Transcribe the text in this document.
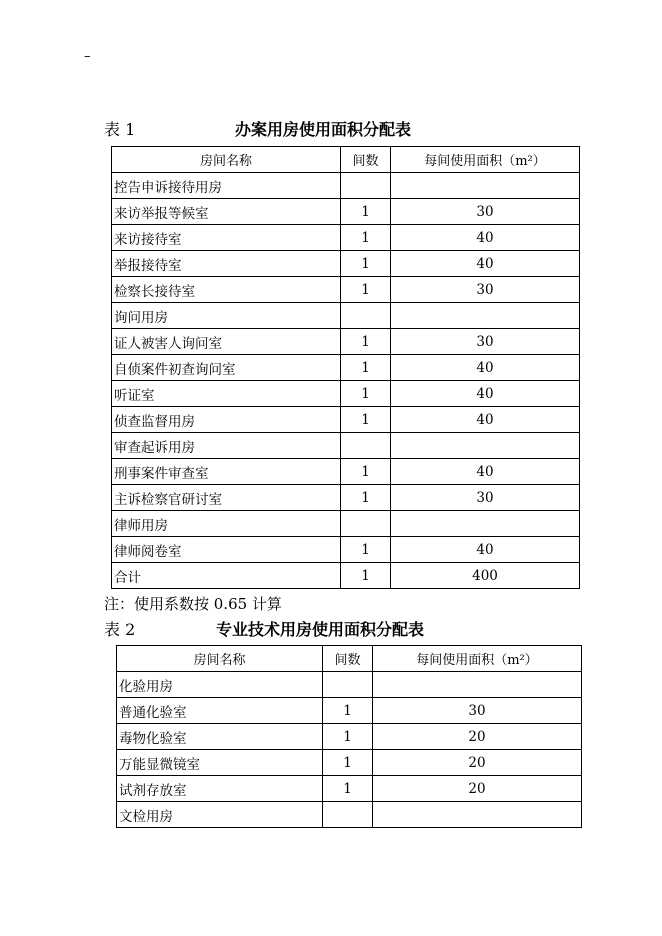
–
表 1	办案用房使用面积分配表
房间名称	间数	每间使用面积（m²）
控告申诉接待用房		
来访举报等候室	1	30
来访接待室	1	40
举报接待室	1	40
检察长接待室	1	30
询问用房		
证人被害人询问室	1	30
自侦案件初查询问室	1	40
听证室	1	40
侦查监督用房	1	40
审查起诉用房		
刑事案件审查室	1	40
主诉检察官研讨室	1	30
律师用房		
律师阅卷室	1	40
合计	1	400
注：使用系数按 0.65 计算
表 2	专业技术用房使用面积分配表
房间名称	间数	每间使用面积（m²）
化验用房		
普通化验室	1	30
毒物化验室	1	20
万能显微镜室	1	20
试剂存放室	1	20
文检用房		
